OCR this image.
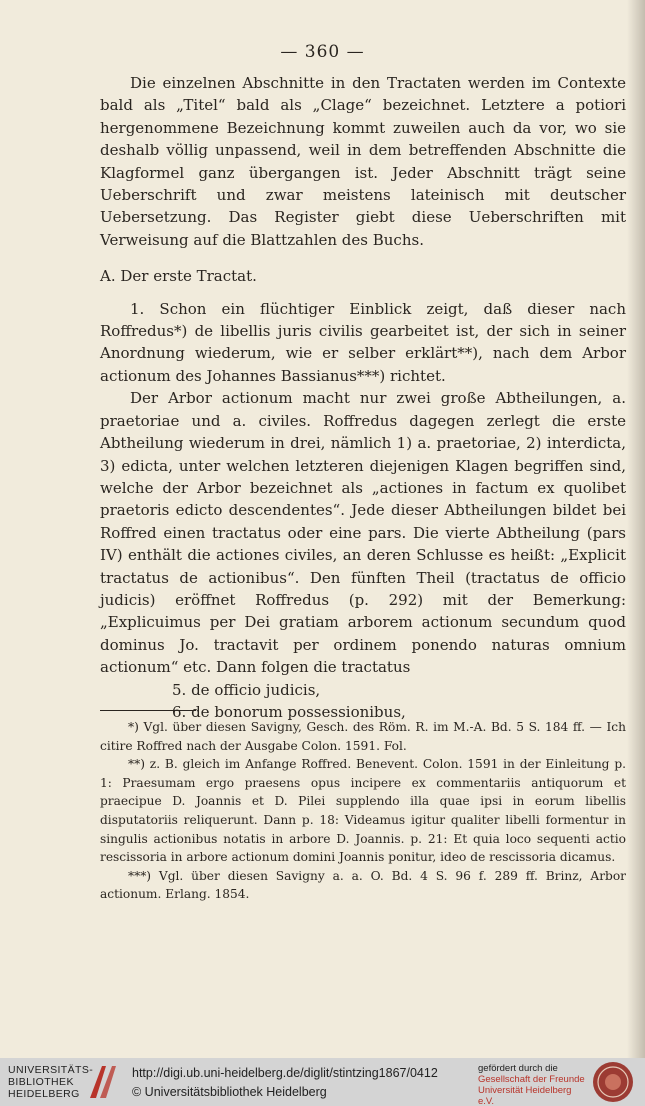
— 360 —

Die einzelnen Abschnitte in den Tractaten werden im Contexte bald als „Titel“ bald als „Clage“ bezeichnet. Letztere a potiori hergenommene Bezeichnung kommt zuweilen auch da vor, wo sie deshalb völlig unpassend, weil in dem betreffenden Abschnitte die Klagformel ganz übergangen ist. Jeder Abschnitt trägt seine Ueberschrift und zwar meistens lateinisch mit deutscher Uebersetzung. Das Register giebt diese Ueberschriften mit Verweisung auf die Blattzahlen des Buchs.

A. Der erste Tractat.

1. Schon ein flüchtiger Einblick zeigt, daß dieser nach Roffredus*) de libellis juris civilis gearbeitet ist, der sich in seiner Anordnung wiederum, wie er selber erklärt**), nach dem Arbor actionum des Johannes Bassianus***) richtet.

Der Arbor actionum macht nur zwei große Abtheilungen, a. praetoriae und a. civiles. Roffredus dagegen zerlegt die erste Abtheilung wiederum in drei, nämlich 1) a. praetoriae, 2) interdicta, 3) edicta, unter welchen letzteren diejenigen Klagen begriffen sind, welche der Arbor bezeichnet als „actiones in factum ex quolibet praetoris edicto descendentes“. Jede dieser Abtheilungen bildet bei Roffred einen tractatus oder eine pars. Die vierte Abtheilung (pars IV) enthält die actiones civiles, an deren Schlusse es heißt: „Explicit tractatus de actionibus“. Den fünften Theil (tractatus de officio judicis) eröffnet Roffredus (p. 292) mit der Bemerkung: „Explicuimus per Dei gratiam arborem actionum secundum quod dominus Jo. tractavit per ordinem ponendo naturas omnium actionum“ etc. Dann folgen die tractatus

5. de officio judicis,
6. de bonorum possessionibus,

*) Vgl. über diesen Savigny, Gesch. des Röm. R. im M.-A. Bd. 5 S. 184 ff. — Ich citire Roffred nach der Ausgabe Colon. 1591. Fol.

**) z. B. gleich im Anfange Roffred. Benevent. Colon. 1591 in der Einleitung p. 1: Praesumam ergo praesens opus incipere ex commentariis antiquorum et praecipue D. Joannis et D. Pilei supplendo illa quae ipsi in eorum libellis disputatoriis reliquerunt. Dann p. 18: Videamus igitur qualiter libelli formentur in singulis actionibus notatis in arbore D. Joannis. p. 21: Et quia loco sequenti actio rescissoria in arbore actionum domini Joannis ponitur, ideo de rescissoria dicamus.

***) Vgl. über diesen Savigny a. a. O. Bd. 4 S. 96 f. 289 ff. Brinz, Arbor actionum. Erlang. 1854.

UNIVERSITÄTS-
BIBLIOTHEK
HEIDELBERG
http://digi.ub.uni-heidelberg.de/diglit/stintzing1867/0412
© Universitätsbibliothek Heidelberg
gefördert durch die
Gesellschaft der Freunde
Universität Heidelberg e.V.
